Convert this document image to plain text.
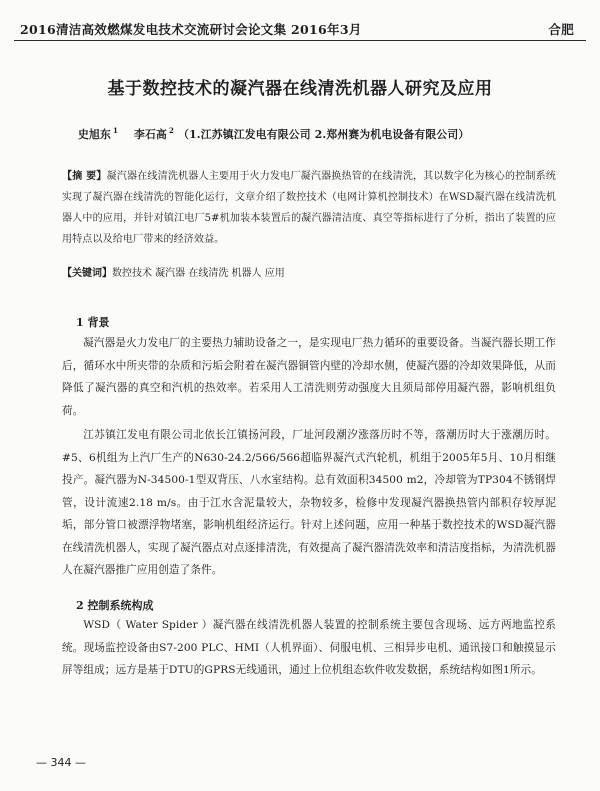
2016清洁高效燃煤发电技术交流研讨会论文集 2016年3月	合肥
基于数控技术的凝汽器在线清洗机器人研究及应用
史旭东 $^1$ 李石高 $^2$ （1.江苏镇江发电有限公司 2.郑州赛为机电设备有限公司）
【摘 要】凝汽器在线清洗机器人主要用于火力发电厂凝汽器换热管的在线清洗，其以数字化为核心的控制系统实现了凝汽器在线清洗的智能化运行，文章介绍了数控技术（电网计算机控制技术）在WSD凝汽器在线清洗机器人中的应用，并针对镇江电厂5#机加装本装置后的凝汽器清洁度、真空等指标进行了分析，指出了装置的应用特点以及给电厂带来的经济效益。
【关键词】数控技术 凝汽器 在线清洗 机器人 应用
1 背景
凝汽器是火力发电厂的主要热力辅助设备之一，是实现电厂热力循环的重要设备。当凝汽器长期工作后，循环水中所夹带的杂质和污垢会附着在凝汽器铜管内壁的冷却水侧，使凝汽器的冷却效果降低，从而降低了凝汽器的真空和汽机的热效率。若采用人工清洗则劳动强度大且须局部停用凝汽器，影响机组负荷。
江苏镇江发电有限公司北依长江镇扬河段，厂址河段潮汐涨落历时不等，落潮历时大于涨潮历时。#5、6机组为上汽厂生产的N630-24.2/566/566超临界凝汽式汽轮机，机组于2005年5月、10月相继投产。凝汽器为N-34500-1型双背压、八水室结构。总有效面积34500 m2，冷却管为TP304不锈钢焊管，设计流速2.18 m/s。由于江水含泥量较大，杂物较多，检修中发现凝汽器换热管内部积存较厚泥垢，部分管口被漂浮物堵塞，影响机组经济运行。针对上述问题，应用一种基于数控技术的WSD凝汽器在线清洗机器人，实现了凝汽器点对点逐排清洗，有效提高了凝汽器清洗效率和清洁度指标，为清洗机器人在凝汽器推广应用创造了条件。
2 控制系统构成
WSD（ Water Spider ）凝汽器在线清洗机器人装置的控制系统主要包含现场、远方两地监控系统。现场监控设备由S7-200 PLC、HMI（人机界面）、伺服电机、三相异步电机、通讯接口和触摸显示屏等组成；远方是基于DTU的GPRS无线通讯，通过上位机组态软件收发数据，系统结构如图1所示。
— 344 —
